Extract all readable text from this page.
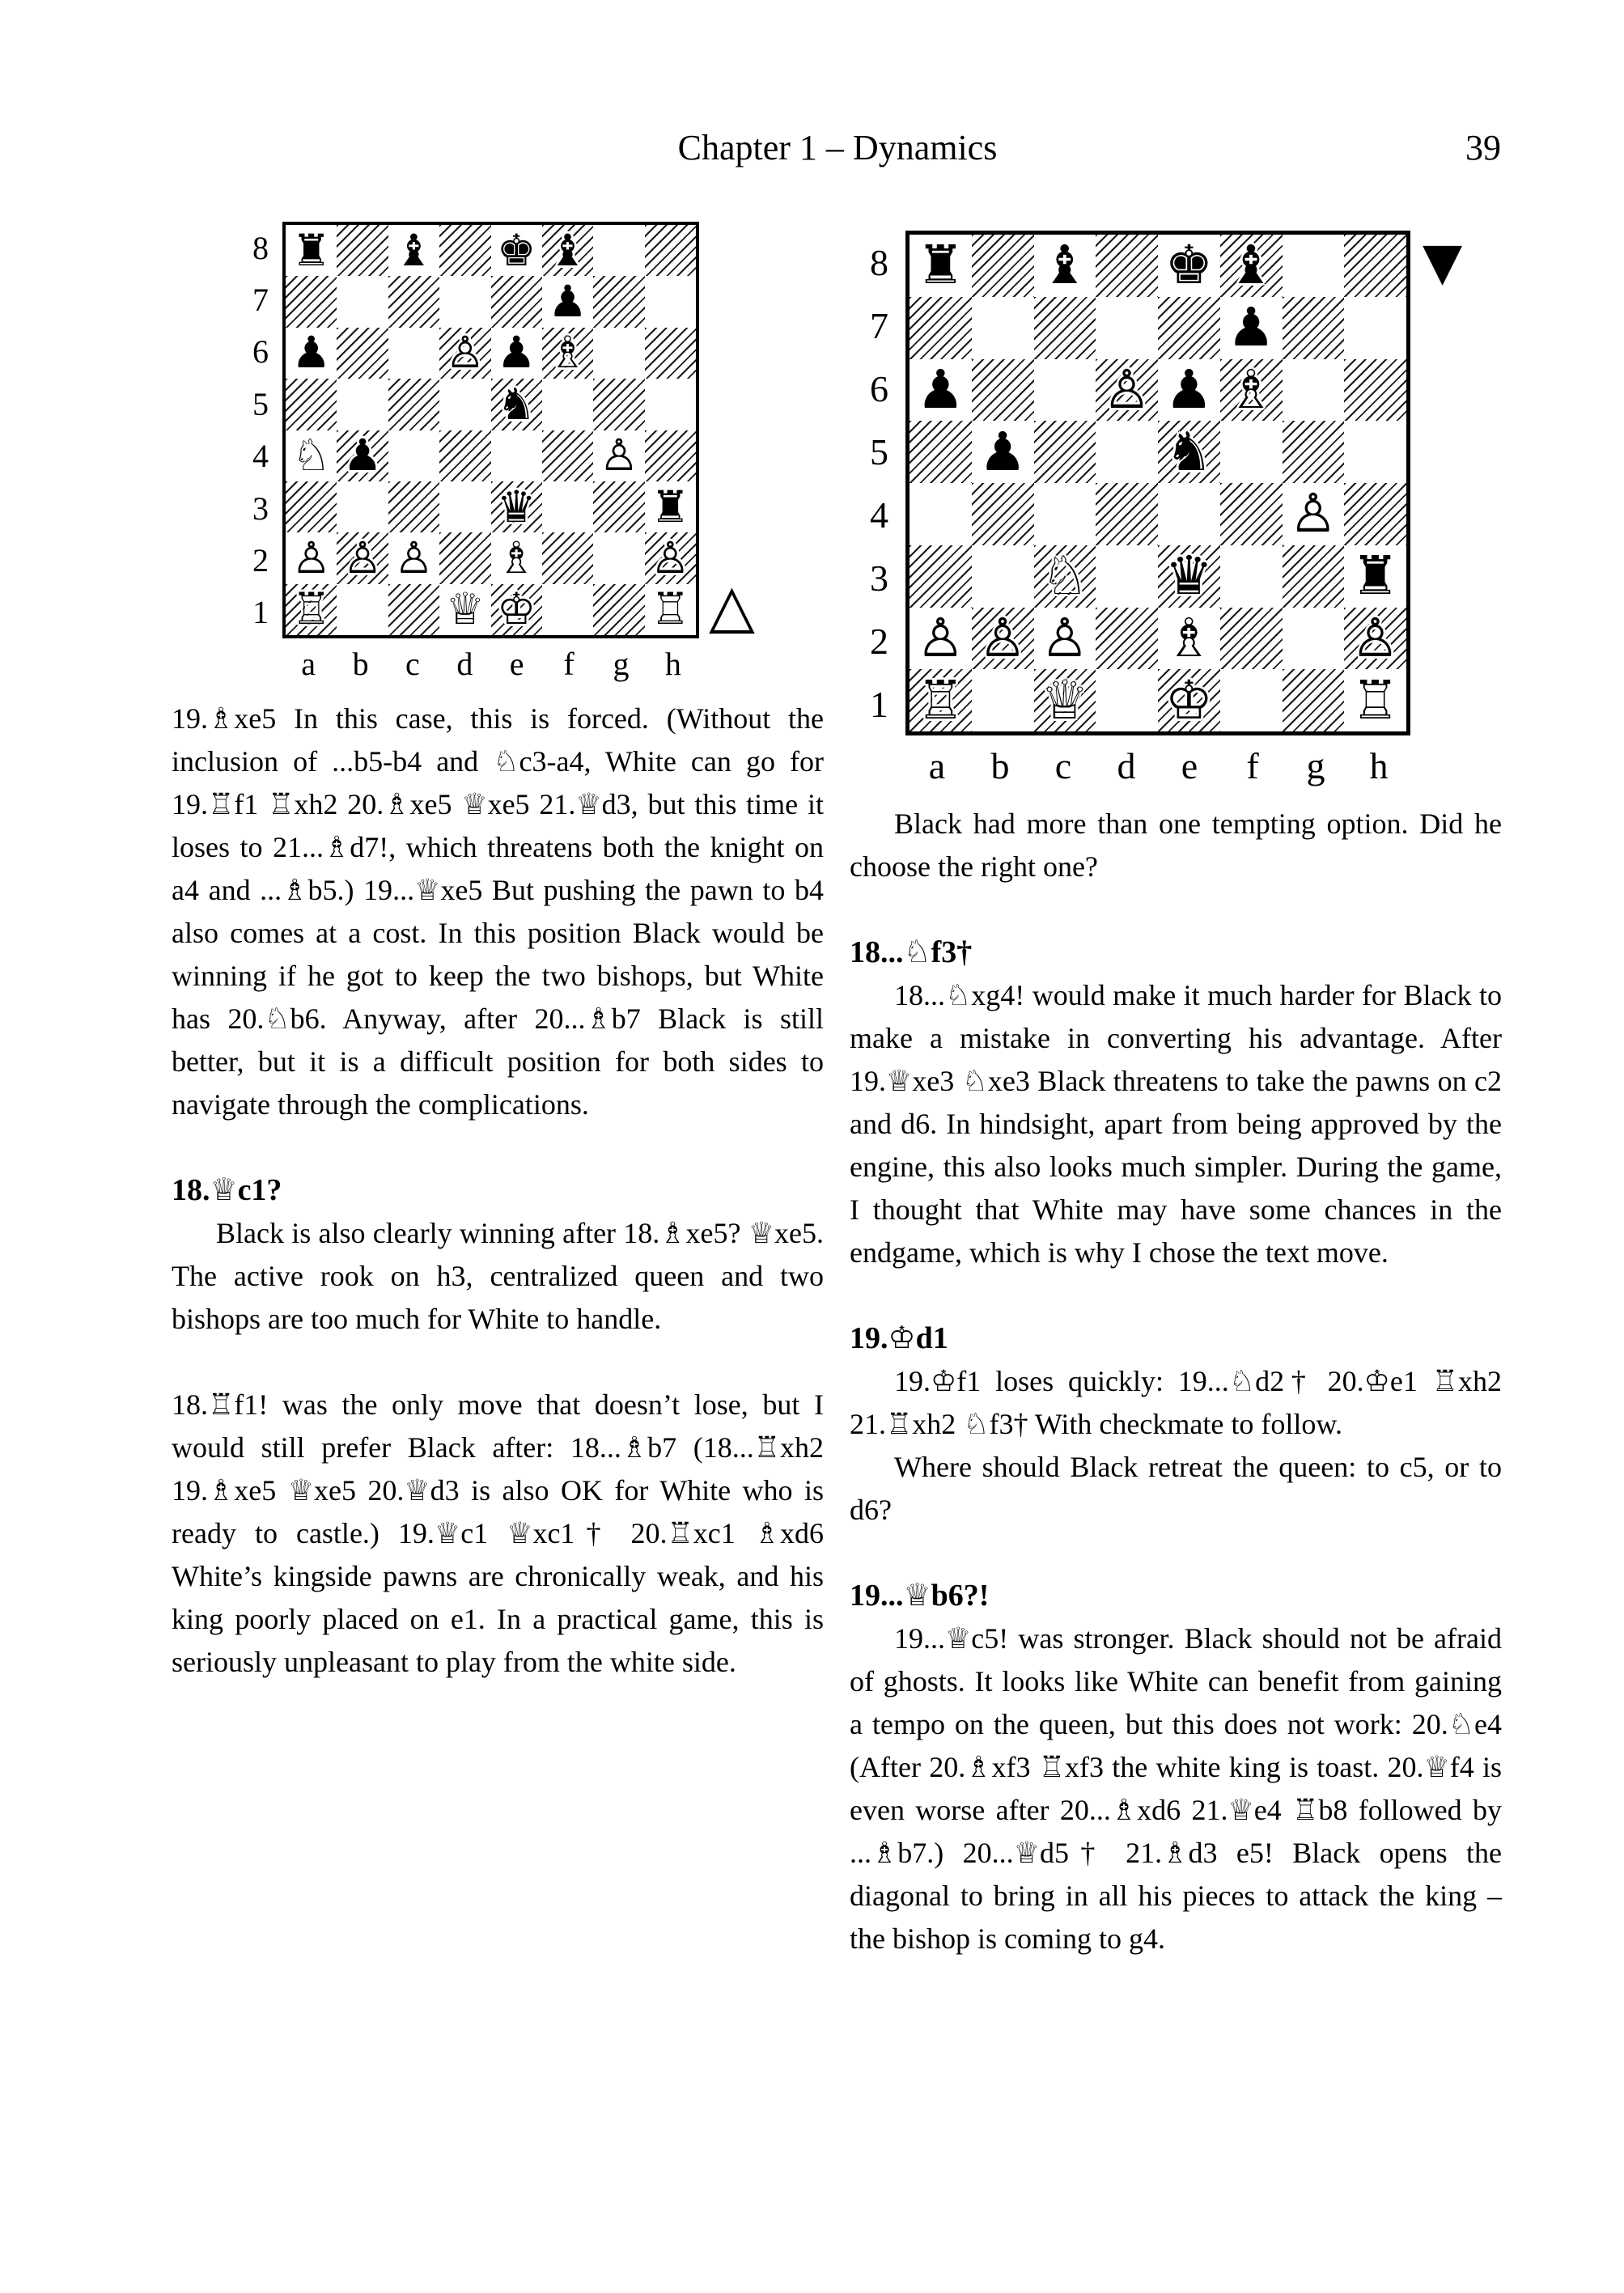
Chapter 1 – Dynamics	39
8
7
6
5
4
3
2
1
♜ ♝ ♚ ♝
♟
♟	♙ ♟ ♗
♞
♘ ♟	♙
♛	♜
♙ ♙ ♙ ♗	♙
♖	♕ ♔	♖
a	b	c	d	e	f	g	h
△
8
7
6
5
4
3
2
1
♜ ♝ ♚ ♝
♟
♟	♙ ♟ ♗
♟	♞
♙
♘ ♛	♜
♙ ♙ ♙ ♗	♙
♖ ♕ ♔	♖
a	b	c	d	e	f	g	h
▼

19.♗xe5 In this case, this is forced. (Without the inclusion of ...b5-b4 and ♘c3-a4, White can go for 19.♖f1 ♖xh2 20.♗xe5 ♕xe5 21.♕d3, but this time it loses to 21...♗d7!, which threatens both the knight on a4 and ...♗b5.) 19...♕xe5 But pushing the pawn to b4 also comes at a cost. In this position Black would be winning if he got to keep the two bishops, but White has 20.♘b6. Anyway, after 20...♗b7 Black is still better, but it is a difficult position for both sides to navigate through the complications.

18.♕c1?

Black is also clearly winning after 18.♗xe5? ♕xe5. The active rook on h3, centralized queen and two bishops are too much for White to handle.

18.♖f1! was the only move that doesn’t lose, but I would still prefer Black after: 18...♗b7 (18...♖xh2 19.♗xe5 ♕xe5 20.♕d3 is also OK for White who is ready to castle.) 19.♕c1 ♕xc1† 20.♖xc1 ♗xd6 White’s kingside pawns are chronically weak, and his king poorly placed on e1. In a practical game, this is seriously unpleasant to play from the white side.

Black had more than one tempting option. Did he choose the right one?

18...♘f3†

18...♘xg4! would make it much harder for Black to make a mistake in converting his advantage. After 19.♕xe3 ♘xe3 Black threatens to take the pawns on c2 and d6. In hindsight, apart from being approved by the engine, this also looks much simpler. During the game, I thought that White may have some chances in the endgame, which is why I chose the text move.

19.♔d1

19.♔f1 loses quickly: 19...♘d2† 20.♔e1 ♖xh2 21.♖xh2 ♘f3† With checkmate to follow.

Where should Black retreat the queen: to c5, or to d6?

19...♕b6?!

19...♕c5! was stronger. Black should not be afraid of ghosts. It looks like White can benefit from gaining a tempo on the queen, but this does not work: 20.♘e4 (After 20.♗xf3 ♖xf3 the white king is toast. 20.♕f4 is even worse after 20...♗xd6 21.♕e4 ♖b8 followed by ...♗b7.) 20...♕d5† 21.♗d3 e5! Black opens the diagonal to bring in all his pieces to attack the king – the bishop is coming to g4.
